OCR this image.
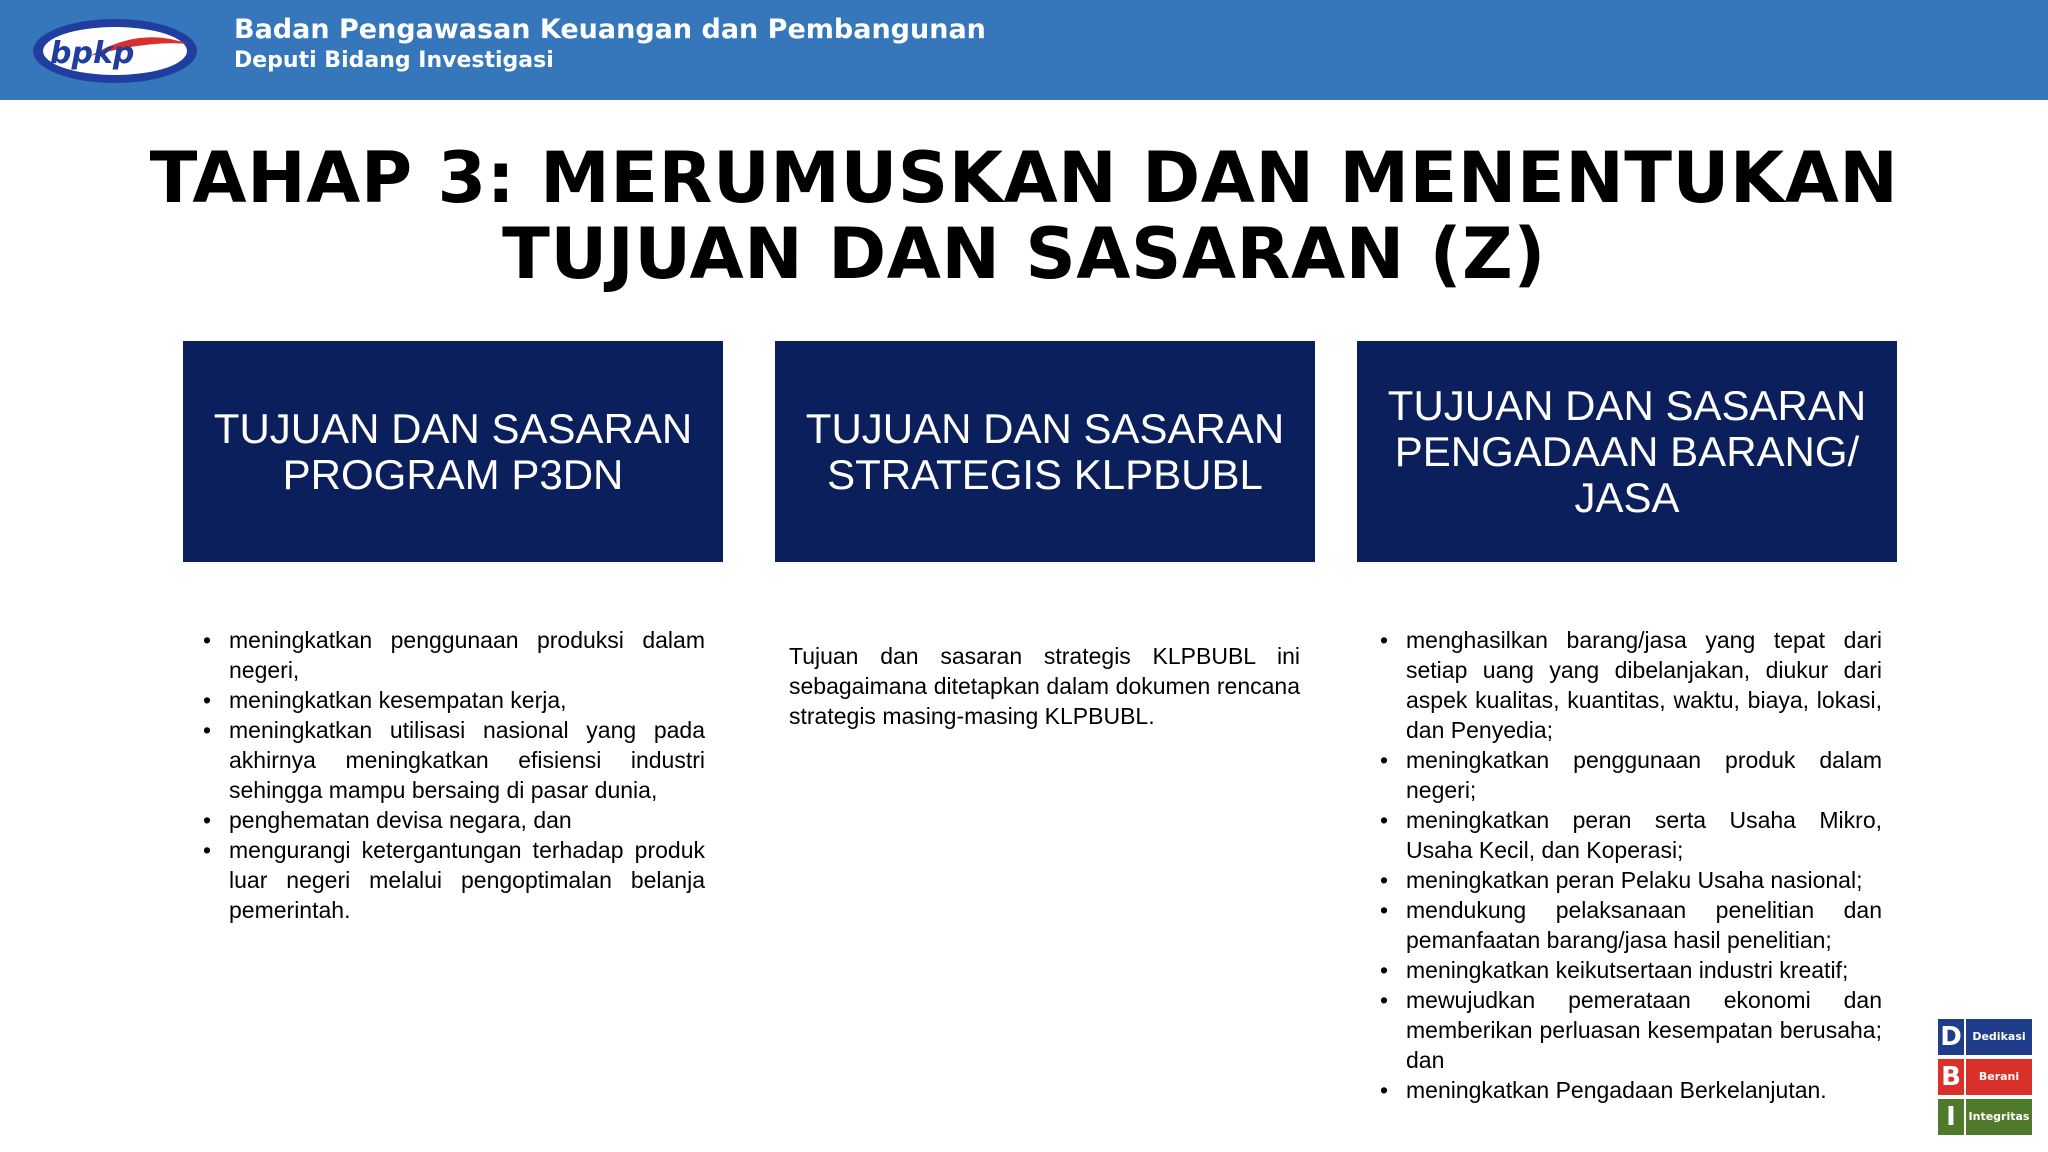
bpkp
Badan Pengawasan Keuangan dan Pembangunan
Deputi Bidang Investigasi
TAHAP 3: MERUMUSKAN DAN MENENTUKAN
TUJUAN DAN SASARAN (Z)
TUJUAN DAN SASARAN PROGRAM P3DN
TUJUAN DAN SASARAN STRATEGIS KLPBUBL
TUJUAN DAN SASARAN PENGADAAN BARANG/ JASA
• meningkatkan penggunaan produksi dalam negeri,
• meningkatkan kesempatan kerja,
• meningkatkan utilisasi nasional yang pada akhirnya meningkatkan efisiensi industri sehingga mampu bersaing di pasar dunia,
• penghematan devisa negara, dan
• mengurangi ketergantungan terhadap produk luar negeri melalui pengoptimalan belanja pemerintah.
Tujuan dan sasaran strategis KLPBUBL ini sebagaimana ditetapkan dalam dokumen rencana strategis masing-masing KLPBUBL.
• menghasilkan barang/jasa yang tepat dari setiap uang yang dibelanjakan, diukur dari aspek kualitas, kuantitas, waktu, biaya, lokasi, dan Penyedia;
• meningkatkan penggunaan produk dalam negeri;
• meningkatkan peran serta Usaha Mikro, Usaha Kecil, dan Koperasi;
• meningkatkan peran Pelaku Usaha nasional;
• mendukung pelaksanaan penelitian dan pemanfaatan barang/jasa hasil penelitian;
• meningkatkan keikutsertaan industri kreatif;
• mewujudkan pemerataan ekonomi dan memberikan perluasan kesempatan berusaha; dan
• meningkatkan Pengadaan Berkelanjutan.
D Dedikasi
B	Berani
I	Integritas
